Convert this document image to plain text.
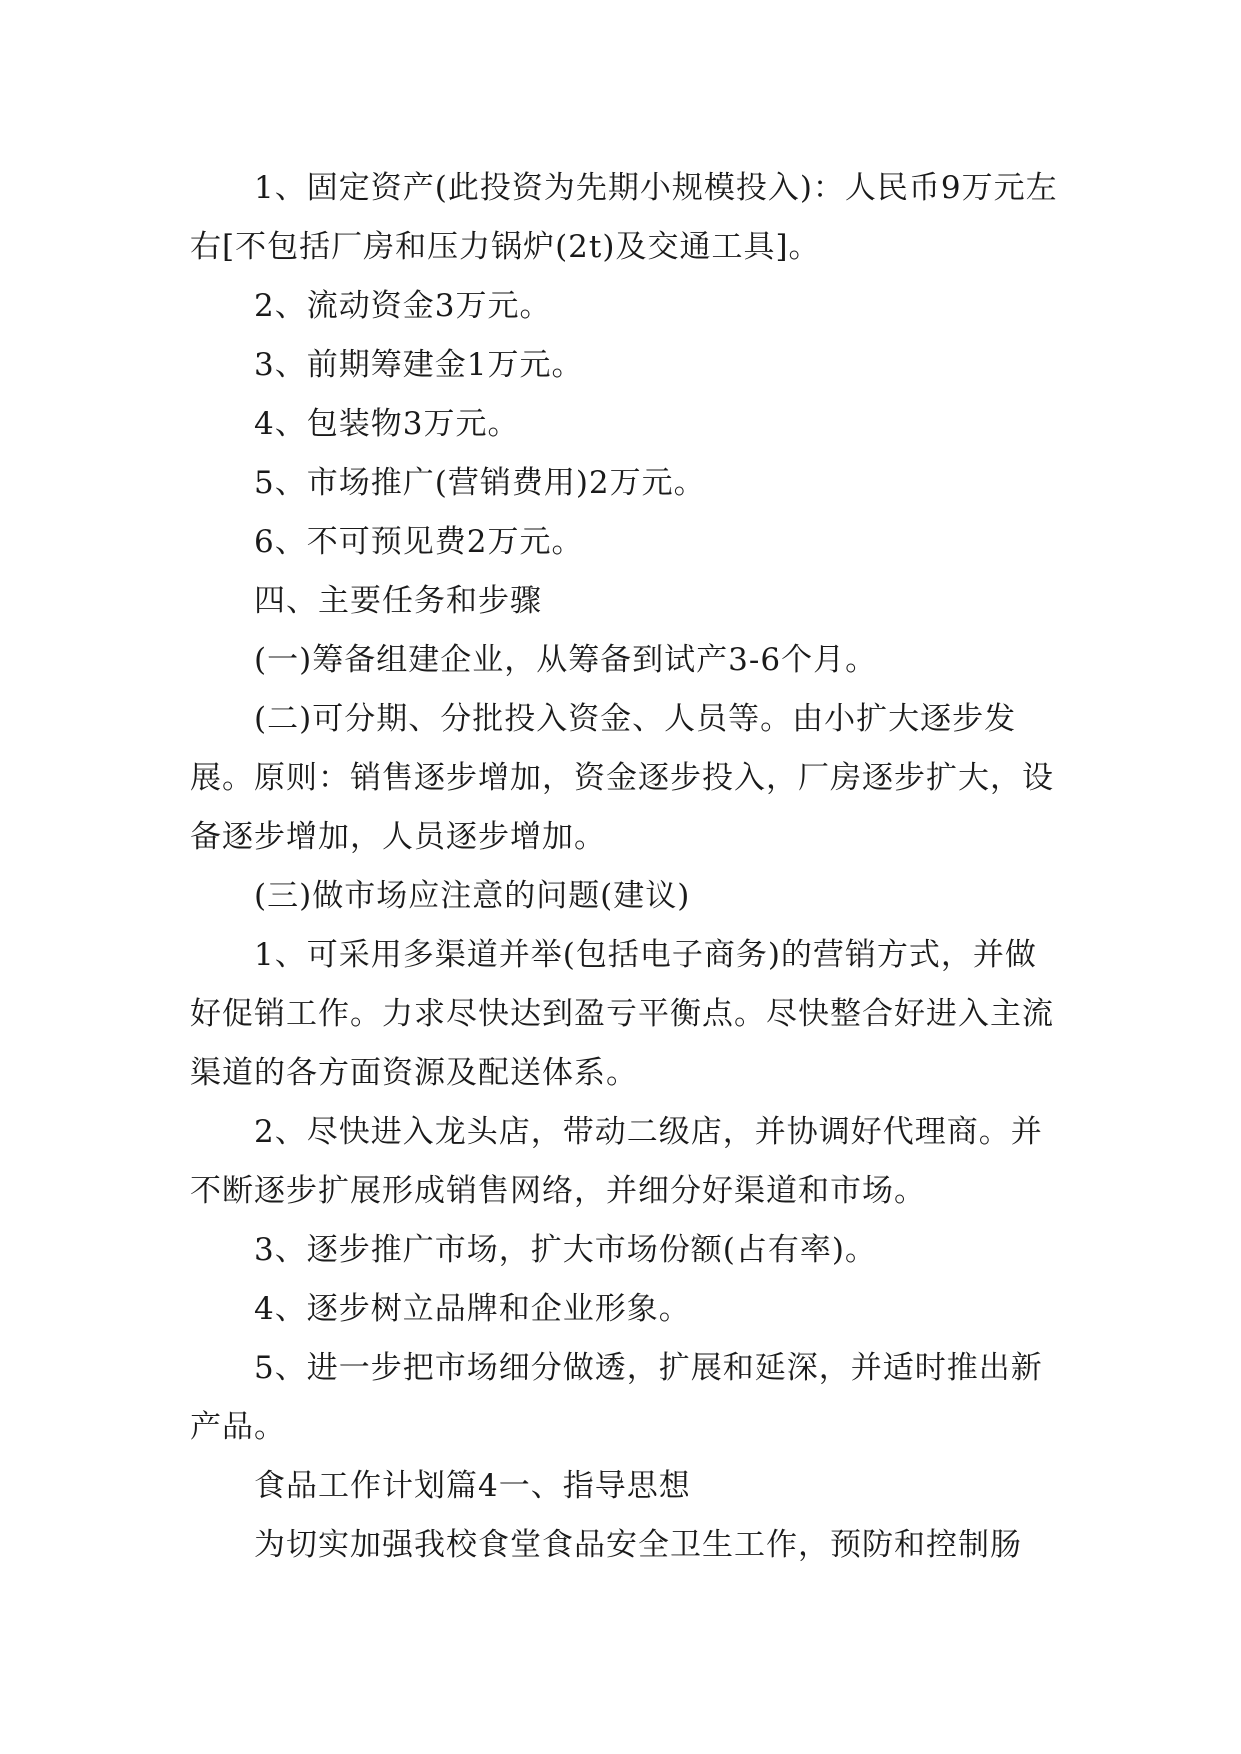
1、固定资产(此投资为先期小规模投入)：人民币9万元左右[不包括厂房和压力锅炉(2t)及交通工具]。

2、流动资金3万元。

3、前期筹建金1万元。

4、包装物3万元。

5、市场推广(营销费用)2万元。

6、不可预见费2万元。

四、主要任务和步骤

(一)筹备组建企业，从筹备到试产3-6个月。

(二)可分期、分批投入资金、人员等。由小扩大逐步发展。原则：销售逐步增加，资金逐步投入，厂房逐步扩大，设备逐步增加，人员逐步增加。

(三)做市场应注意的问题(建议)

1、可采用多渠道并举(包括电子商务)的营销方式，并做好促销工作。力求尽快达到盈亏平衡点。尽快整合好进入主流渠道的各方面资源及配送体系。

2、尽快进入龙头店，带动二级店，并协调好代理商。并不断逐步扩展形成销售网络，并细分好渠道和市场。

3、逐步推广市场，扩大市场份额(占有率)。

4、逐步树立品牌和企业形象。

5、进一步把市场细分做透，扩展和延深，并适时推出新产品。

食品工作计划篇4一、指导思想

为切实加强我校食堂食品安全卫生工作，预防和控制肠
